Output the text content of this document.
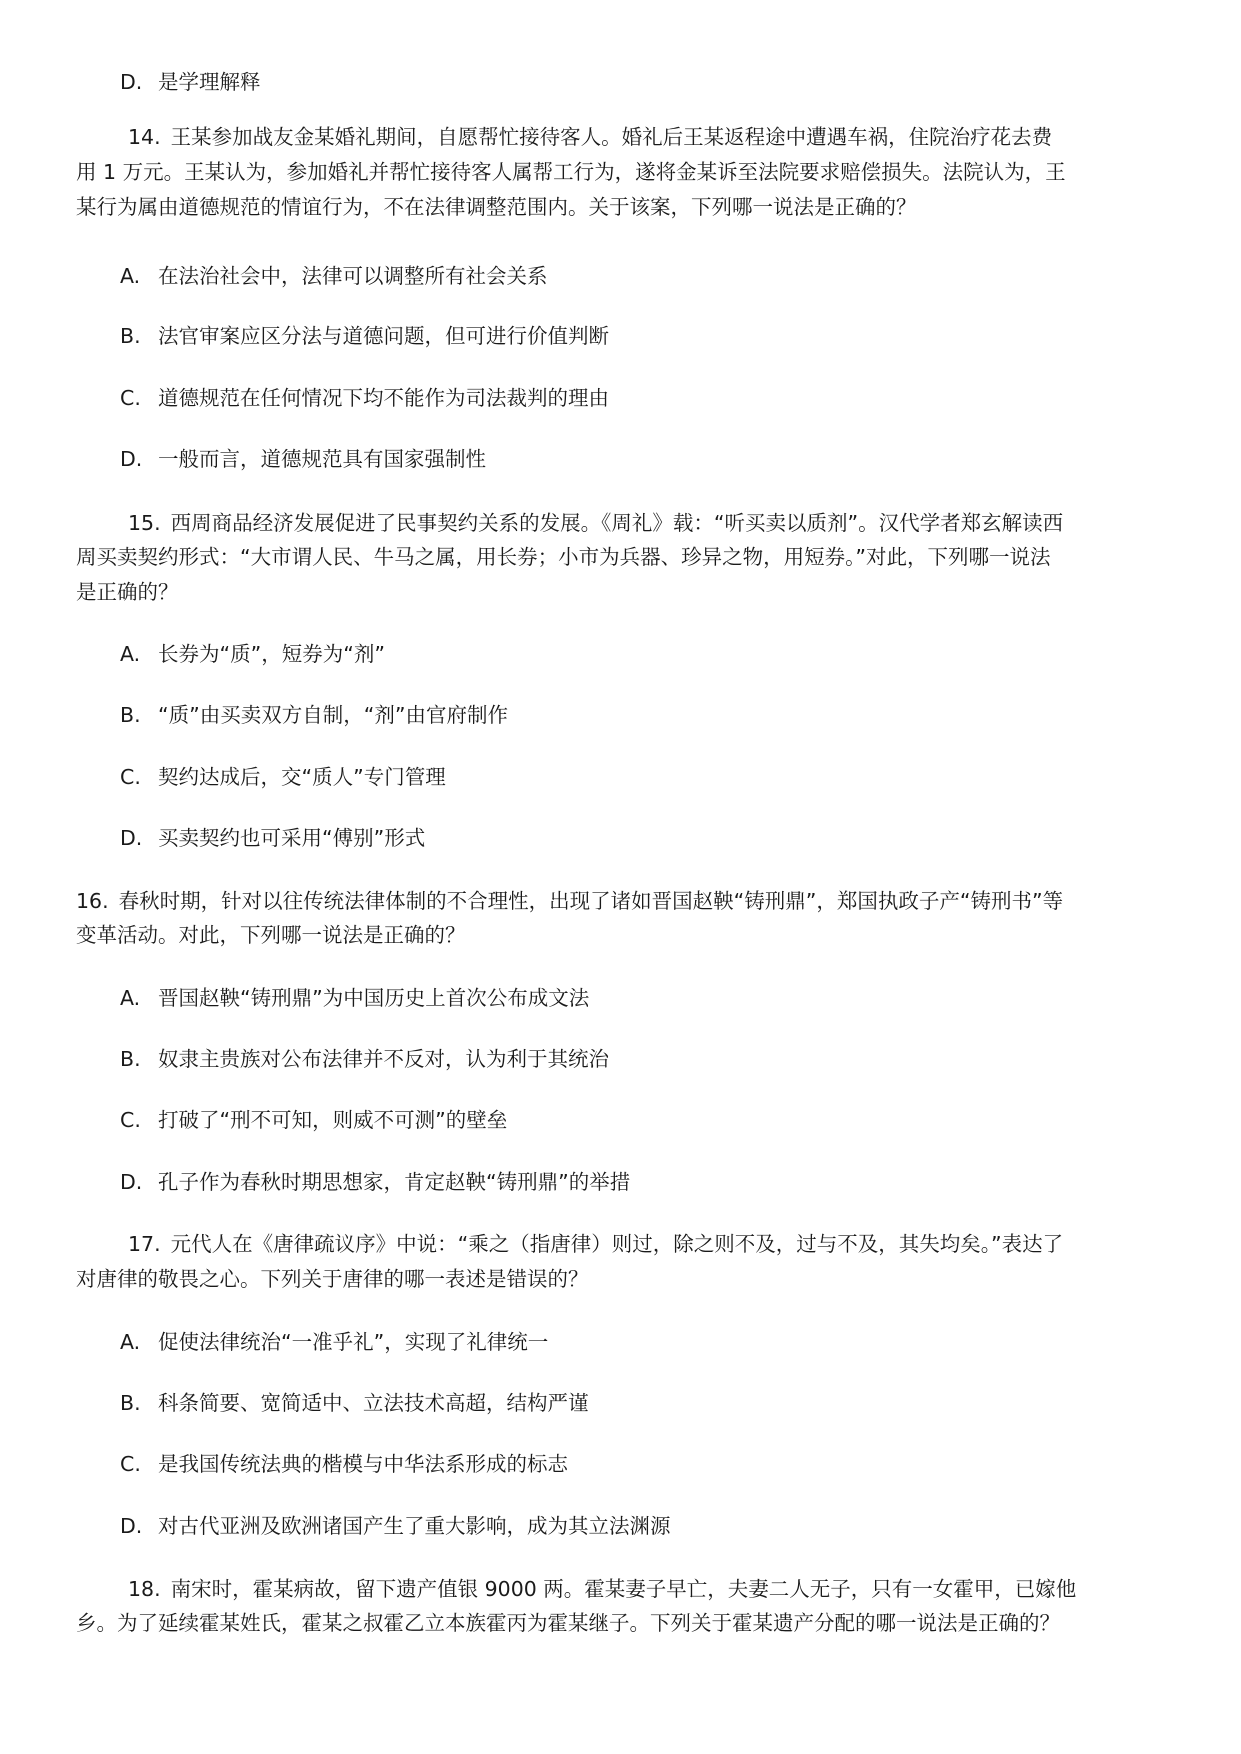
D. 是学理解释
14. 王某参加战友金某婚礼期间，自愿帮忙接待客人。婚礼后王某返程途中遭遇车祸，住院治疗花去费
用 1 万元。王某认为，参加婚礼并帮忙接待客人属帮工行为，遂将金某诉至法院要求赔偿损失。法院认为，王
某行为属由道德规范的情谊行为，不在法律调整范围内。关于该案，下列哪一说法是正确的？
A. 在法治社会中，法律可以调整所有社会关系
B. 法官审案应区分法与道德问题，但可进行价值判断
C. 道德规范在任何情况下均不能作为司法裁判的理由
D. 一般而言，道德规范具有国家强制性
15. 西周商品经济发展促进了民事契约关系的发展。《周礼》载：“听买卖以质剂”。汉代学者郑玄解读西
周买卖契约形式：“大市谓人民、牛马之属，用长券；小市为兵器、珍异之物，用短券。”对此，下列哪一说法
是正确的？
A. 长券为“质”，短券为“剂”
B. “质”由买卖双方自制，“剂”由官府制作
C. 契约达成后，交“质人”专门管理
D. 买卖契约也可采用“傅别”形式
16. 春秋时期，针对以往传统法律体制的不合理性，出现了诸如晋国赵鞅“铸刑鼎”，郑国执政子产“铸刑书”等
变革活动。对此，下列哪一说法是正确的？
A. 晋国赵鞅“铸刑鼎”为中国历史上首次公布成文法
B. 奴隶主贵族对公布法律并不反对，认为利于其统治
C. 打破了“刑不可知，则威不可测”的壁垒
D. 孔子作为春秋时期思想家，肯定赵鞅“铸刑鼎”的举措
17. 元代人在《唐律疏议序》中说：“乘之（指唐律）则过，除之则不及，过与不及，其失均矣。”表达了
对唐律的敬畏之心。下列关于唐律的哪一表述是错误的？
A. 促使法律统治“一准乎礼”，实现了礼律统一
B. 科条简要、宽简适中、立法技术高超，结构严谨
C. 是我国传统法典的楷模与中华法系形成的标志
D. 对古代亚洲及欧洲诸国产生了重大影响，成为其立法渊源
18. 南宋时，霍某病故，留下遗产值银 9000 两。霍某妻子早亡，夫妻二人无子，只有一女霍甲，已嫁他
乡。为了延续霍某姓氏，霍某之叔霍乙立本族霍丙为霍某继子。下列关于霍某遗产分配的哪一说法是正确的？
